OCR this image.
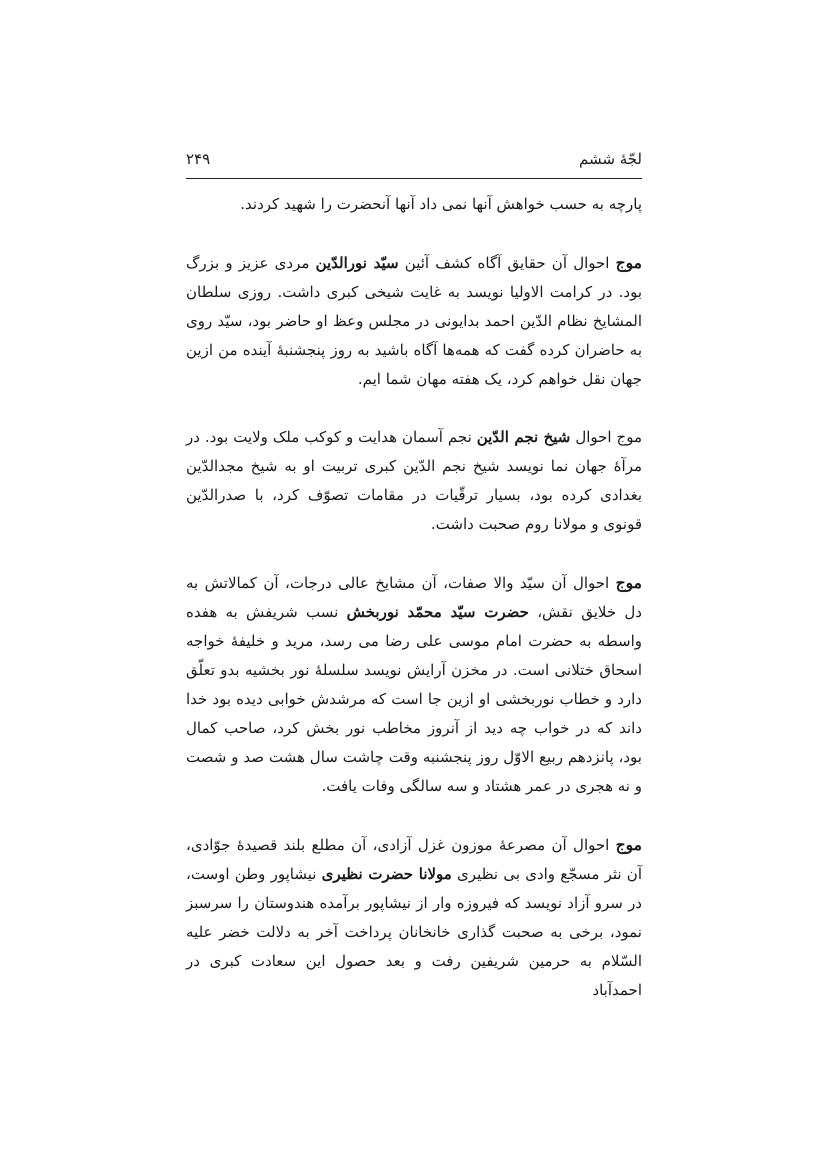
لجّهٔ ششم
۲۴۹

پارچه به حسب خواهش آنها نمی داد آنها آنحضرت را شهید کردند.

موج احوال آن حقایق آگاه کشف آئین سیّد نورالدّین مردی عزیز و بزرگ بود. در کرامت الاولیا نویسد به غایت شیخی کبری داشت. روزی سلطان المشایخ نظام الدّین احمد بدایونی در مجلس وعظ او حاضر بود، سیّد روی به حاضران کرده گفت که همه‌ها آگاه باشید به روز پنجشنبهٔ آینده من ازین جهان نقل خواهم کرد، یک هفته مهان شما ایم.

موج احوال شیخ نجم الدّین نجم آسمان هدایت و کوکب ملک ولایت بود. در مرآهٔ جهان نما نویسد شیخ نجم الدّین کبری تربیت او به شیخ مجدالدّین بغدادی کرده بود، بسیار ترقّیات در مقامات تصوّف کرد، با صدرالدّین قونوی و مولانا روم صحبت داشت.

موج احوال آن سیّد والا صفات، آن مشایخ عالی درجات، آن کمالاتش به دل خلایق نقش، حضرت سیّد محمّد نوربخش نسب شریفش به هفده واسطه به حضرت امام موسی علی رضا می رسد، مرید و خلیفهٔ خواجه اسحاق ختلانی است. در مخزن آرایش نویسد سلسلهٔ نور بخشیه بدو تعلّق دارد و خطاب نوربخشی او ازین جا است که مرشدش خوابی دیده بود خدا داند که در خواب چه دید از آنروز مخاطب نور بخش کرد، صاحب کمال بود، پانزدهم ربیع الاوّل روز پنجشنبه وقت چاشت سال هشت صد و شصت و نه هجری در عمر هشتاد و سه سالگی وفات یافت.

موج احوال آن مصرعهٔ موزون غزل آزادی، آن مطلع بلند قصیدهٔ جوّادی، آن نثر مسجّع وادی بی نظیری مولانا حضرت نظیری نیشاپور وطن اوست، در سرو آزاد نویسد که فیروزه وار از نیشاپور برآمده هندوستان را سرسبز نمود، برخی به صحبت گذاری خانخانان پرداخت آخر به دلالت خضر علیه السّلام به حرمین شریفین رفت و بعد حصول این سعادت کبری در احمدآباد
